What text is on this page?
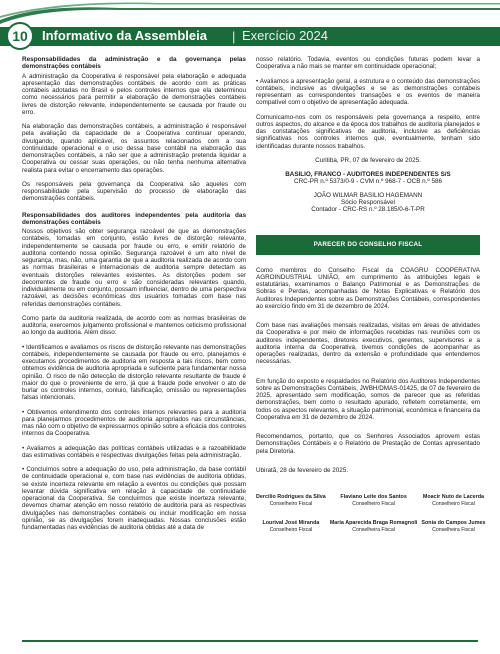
10	Informativo da Assembleia | Exercício 2024
Responsabilidades da administração e da governança pelas demonstrações contábeis

A administração da Cooperativa é responsável pela elaboração e adequada apresentação das demonstrações contábeis de acordo com as práticas contábeis adotadas no Brasil e pelos controles internos que ela determinou como necessários para permitir a elaboração de demonstrações contábeis livres de distorção relevante, independentemente se causada por fraude ou erro.

Na elaboração das demonstrações contábeis, a administração é responsável pela avaliação da capacidade de a Cooperativa continuar operando, divulgando, quando aplicável, os assuntos relacionados com a sua continuidade operacional e o uso dessa base contábil na elaboração das demonstrações contábeis, a não ser que a administração pretenda liquidar a Cooperativa ou cessar suas operações, ou não tenha nenhuma alternativa realista para evitar o encerramento das operações.

Os responsáveis pela governança da Cooperativa são aqueles com responsabilidade pela supervisão do processo de elaboração das demonstrações contábeis.

Responsabilidades dos auditores independentes pela auditoria das demonstrações contábeis

Nossos objetivos são obter segurança razoável de que as demonstrações contábeis, tomadas em conjunto, estão livres de distorção relevante, independentemente se causada por fraude ou erro, e emitir relatório de auditoria contendo nossa opinião. Segurança razoável é um alto nível de segurança, mas, não, uma garantia de que a auditoria realizada de acordo com as normas brasileiras e internacionais de auditoria sempre detectam as eventuais distorções relevantes existentes. As distorções podem ser decorrentes de fraude ou erro e são consideradas relevantes quando, individualmente ou em conjunto, possam influenciar, dentro de uma perspectiva razoável, as decisões econômicas dos usuários tomadas com base nas referidas demonstrações contábeis.

Como parte da auditoria realizada, de acordo com as normas brasileiras de auditoria, exercemos julgamento profissional e mantemos ceticismo profissional ao longo da auditoria. Além disso:

• Identificamos e avaliamos os riscos de distorção relevante nas demonstrações contábeis, independentemente se causada por fraude ou erro, planejamos e executamos procedimentos de auditoria em resposta a tais riscos, bem como obtemos evidência de auditoria apropriada e suficiente para fundamentar nossa opinião. O risco de não detecção de distorção relevante resultante de fraude é maior do que o proveniente de erro, já que a fraude pode envolver o ato de burlar os controles internos, conluio, falsificação, omissão ou representações falsas intencionais.

• Obtivemos entendimento dos controles internos relevantes para a auditoria para planejarmos procedimentos de auditoria apropriados nas circunstâncias, mas não com o objetivo de expressarmos opinião sobre a eficácia dos controles internos da Cooperativa.

• Avaliamos a adequação das políticas contábeis utilizadas e a razoabilidade das estimativas contábeis e respectivas divulgações feitas pela administração.

• Concluímos sobre a adequação do uso, pela administração, da base contábil de continuidade operacional e, com base nas evidências de auditoria obtidas, se existe incerteza relevante em relação a eventos ou condições que possam levantar dúvida significativa em relação à capacidade de continuidade operacional da Cooperativa. Se concluirmos que existe incerteza relevante, devemos chamar atenção em nosso relatório de auditoria para as respectivas divulgações nas demonstrações contábeis ou incluir modificação em nossa opinião, se as divulgações forem inadequadas. Nossas conclusões estão fundamentadas nas evidências de auditoria obtidas até a data de

nosso relatório. Todavia, eventos ou condições futuras podem levar a Cooperativa a não mais se manter em continuidade operacional;

• Avaliamos a apresentação geral, a estrutura e o conteúdo das demonstrações contábeis, inclusive as divulgações e se as demonstrações contábeis representam as correspondentes transações e os eventos de maneira compatível com o objetivo de apresentação adequada.

Comunicamo-nos com os responsáveis pela governança a respeito, entre outros aspectos, do alcance e da época dos trabalhos de auditoria planejados e das constatações significativas de auditoria, inclusive as deficiências significativas nos controles internos que, eventualmente, tenham sido identificadas durante nossos trabalhos.

Curitiba, PR, 07 de fevereiro de 2025.

BASILIO, FRANCO - AUDITORES INDEPENDENTES S/S
CRC-PR n.º 5373/0-9 - CVM n.º 968-7 - OCB n.º 586
JOÃO WILMAR BASILIO HAGEMANN
Sócio Responsável
Contador - CRC-RS n.º 28.185/0-6-T-PR
PARECER DO CONSELHO FISCAL

Como membros do Conselho Fiscal da COAGRU COOPERATIVA AGROINDUSTRIAL UNIÃO, em cumprimento às atribuições legais e estatutárias, examinamos o Balanço Patrimonial e as Demonstrações de Sobras e Perdas, acompanhadas de Notas Explicativas e Relatório dos Auditores Independentes sobre as Demonstrações Contábeis, correspondentes ao exercício findo em 31 de dezembro de 2024.

Com base nas avaliações mensais realizadas, visitas em áreas de atividades da Cooperativa e por meio de informações recebidas nas reuniões com os auditores independentes, diretores executivos, gerentes, supervisores e a auditoria interna da Cooperativa, tivemos condições de acompanhar as operações realizadas, dentro da extensão e profundidade que entendemos necessárias.

Em função do exposto e respaldados no Relatório dos Auditores Independentes sobre as Demonstrações Contábeis, JWBH/DMAS-01425, de 07 de fevereiro de 2025, apresentado sem modificação, somos de parecer que as referidas demonstrações, bem como o resultado apurado, refletem corretamente, em todos os aspectos relevantes, a situação patrimonial, econômica e financeira da Cooperativa em 31 de dezembro de 2024.

Recomendamos, portanto, que os Senhores Associados aprovem estas Demonstrações Contábeis e o Relatório de Prestação de Contas apresentado pela Diretoria.

Ubiratã, 28 de fevereiro de 2025.

Dercilio Rodrigues da Silva
Conselheiro Fiscal
Flaviano Leite dos Santos
Conselheiro Fiscal
Moacir Nuto de Lacerda
Conselheiro Fiscal
Lourival José Miranda
Conselheiro Fiscal
Maria Aparecida Braga Romagnoli
Conselheira Fiscal
Sonia do Campos Jumes
Conselheira Fiscal
